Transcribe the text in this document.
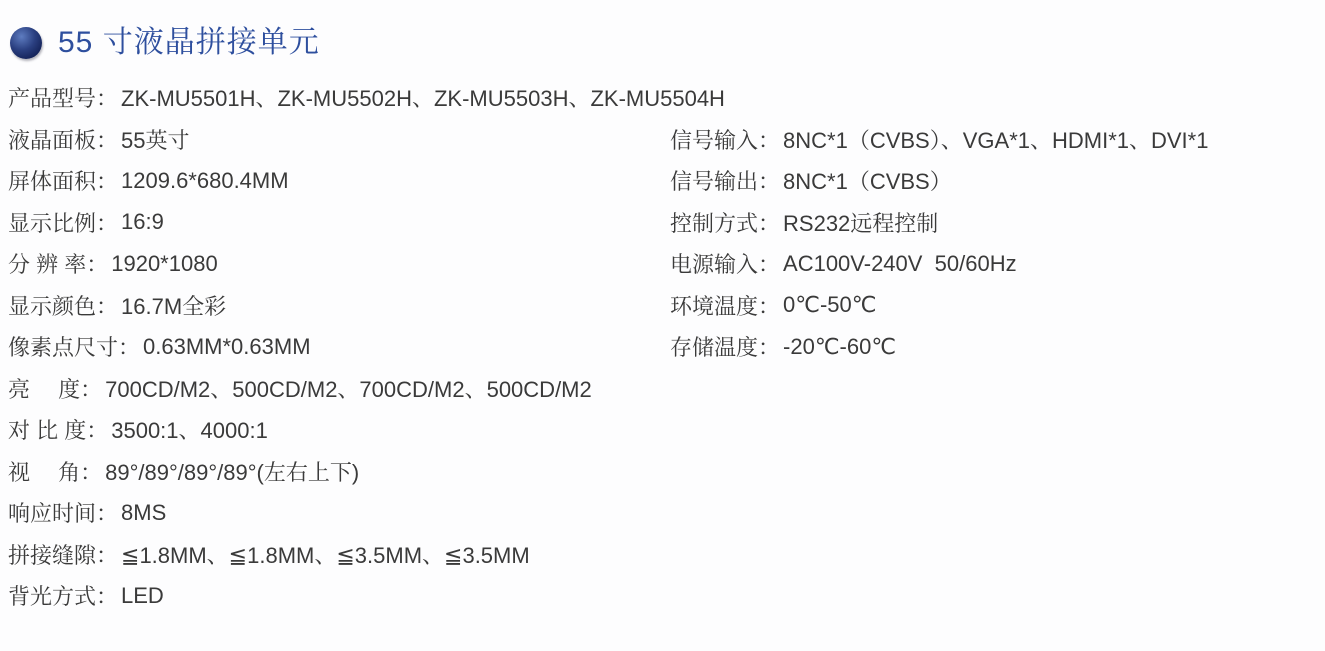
55 寸液晶拼接单元
产品型号： ZK-MU5501H、ZK-MU5502H、ZK-MU5503H、ZK-MU5504H
液晶面板： 55英寸
屏体面积： 1209.6*680.4MM
显示比例： 16:9
分 辨 率： 1920*1080
显示颜色： 16.7M全彩
像素点尺寸： 0.63MM*0.63MM
亮　 度： 700CD/M2、500CD/M2、700CD/M2、500CD/M2
对 比 度： 3500:1、4000:1
视　 角： 89°/89°/89°/89°(左右上下)
响应时间： 8MS
拼接缝隙： ≦1.8MM、≦1.8MM、≦3.5MM、≦3.5MM
背光方式： LED
信号输入： 8NC*1（CVBS）、VGA*1、HDMI*1、DVI*1
信号输出： 8NC*1（CVBS）
控制方式： RS232远程控制
电源输入： AC100V-240V  50/60Hz
环境温度： 0℃-50℃
存储温度： -20℃-60℃
